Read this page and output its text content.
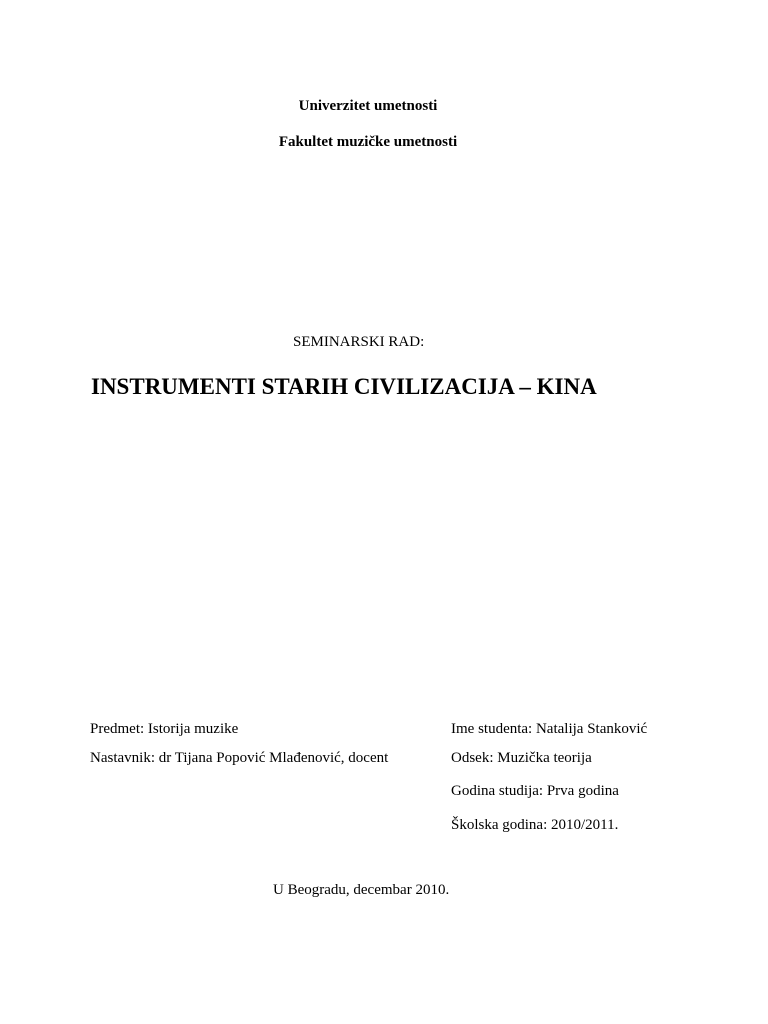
Univerzitet umetnosti
Fakultet muzičke umetnosti
SEMINARSKI RAD:
INSTRUMENTI STARIH CIVILIZACIJA – KINA
Predmet: Istorija muzike
Nastavnik: dr Tijana Popović Mlađenović, docent
Ime studenta: Natalija Stanković
Odsek: Muzička teorija
Godina studija: Prva godina
Školska godina: 2010/2011.
U Beogradu, decembar 2010.
